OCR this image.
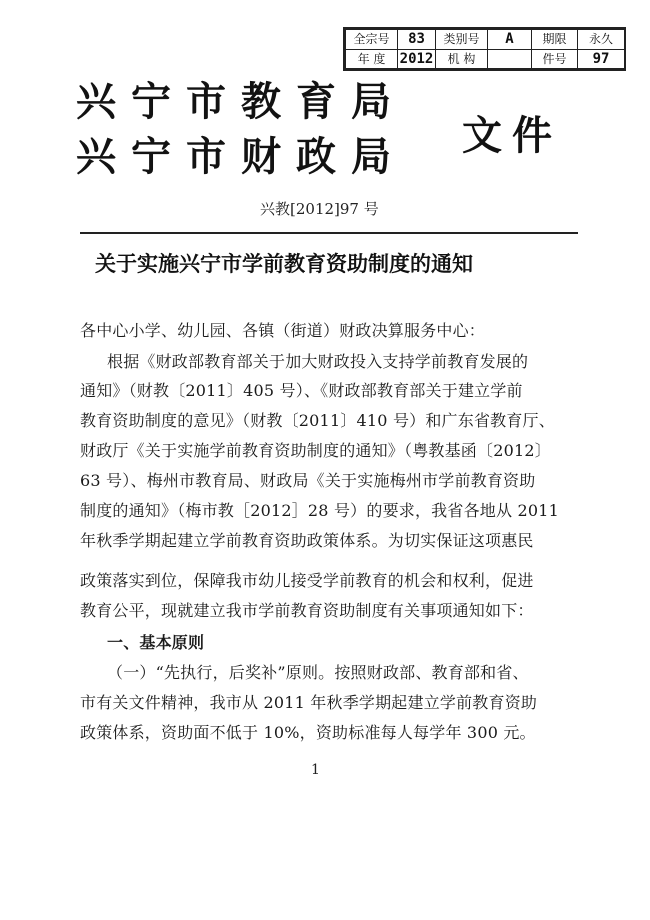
全宗号	83	类别号	A	期限	永久
年 度	2012	机 构		件号	97
兴宁市教育局
兴宁市财政局 文件
兴教[2012]97 号
关于实施兴宁市学前教育资助制度的通知
各中心小学、幼儿园、各镇（街道）财政决算服务中心：
根据《财政部教育部关于加大财政投入支持学前教育发展的
通知》（财教〔2011〕405 号）、《财政部教育部关于建立学前
教育资助制度的意见》（财教〔2011〕410 号）和广东省教育厅、
财政厅《关于实施学前教育资助制度的通知》（粤教基函〔2012〕
63 号）、梅州市教育局、财政局《关于实施梅州市学前教育资助
制度的通知》（梅市教［2012］28 号）的要求，我省各地从 2011
年秋季学期起建立学前教育资助政策体系。为切实保证这项惠民
政策落实到位，保障我市幼儿接受学前教育的机会和权利，促进
教育公平，现就建立我市学前教育资助制度有关事项通知如下：
一、基本原则
（一）“先执行，后奖补”原则。按照财政部、教育部和省、
市有关文件精神，我市从 2011 年秋季学期起建立学前教育资助
政策体系，资助面不低于 10%，资助标准每人每学年 300 元。
1
